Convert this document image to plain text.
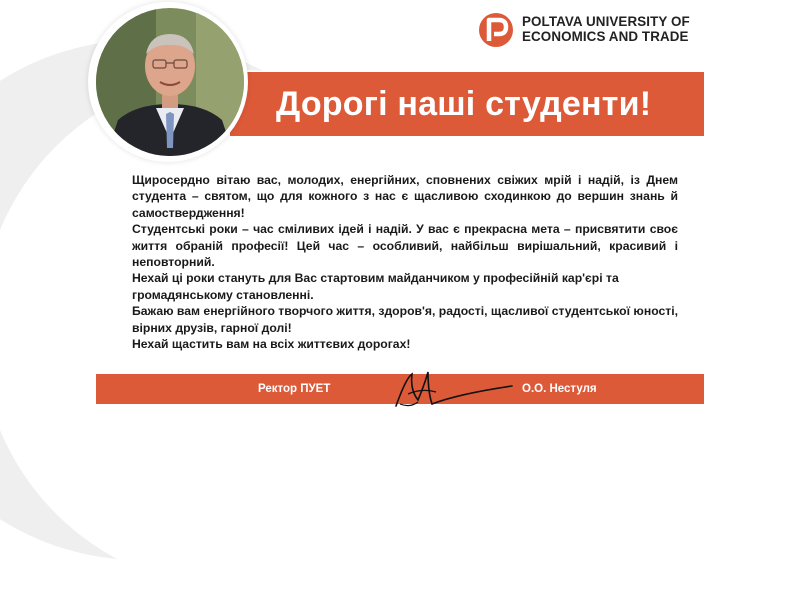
Дорогі наші студенти!
POLTAVA UNIVERSITY OF
ECONOMICS AND TRADE

Щиросердно вітаю вас, молодих, енергійних, сповнених свіжих мрій і надій, із Днем студента – святом, що для кожного з нас є щасливою сходинкою до вершин знань й самоствердження!

Студентські роки – час сміливих ідей і надій. У вас є прекрасна мета – присвятити своє життя обраній професії! Цей час – особливий, найбільш вирішальний, красивий і неповторний.

Нехай ці роки стануть для Вас стартовим майданчиком у професійній кар'єрі та громадянському становленні.

Бажаю вам енергійного творчого життя, здоров'я, радості, щасливої студентської юності, вірних друзів, гарної долі!

Нехай щастить вам на всіх життєвих дорогах!

Ректор ПУЕТ	О.О. Нестуля
